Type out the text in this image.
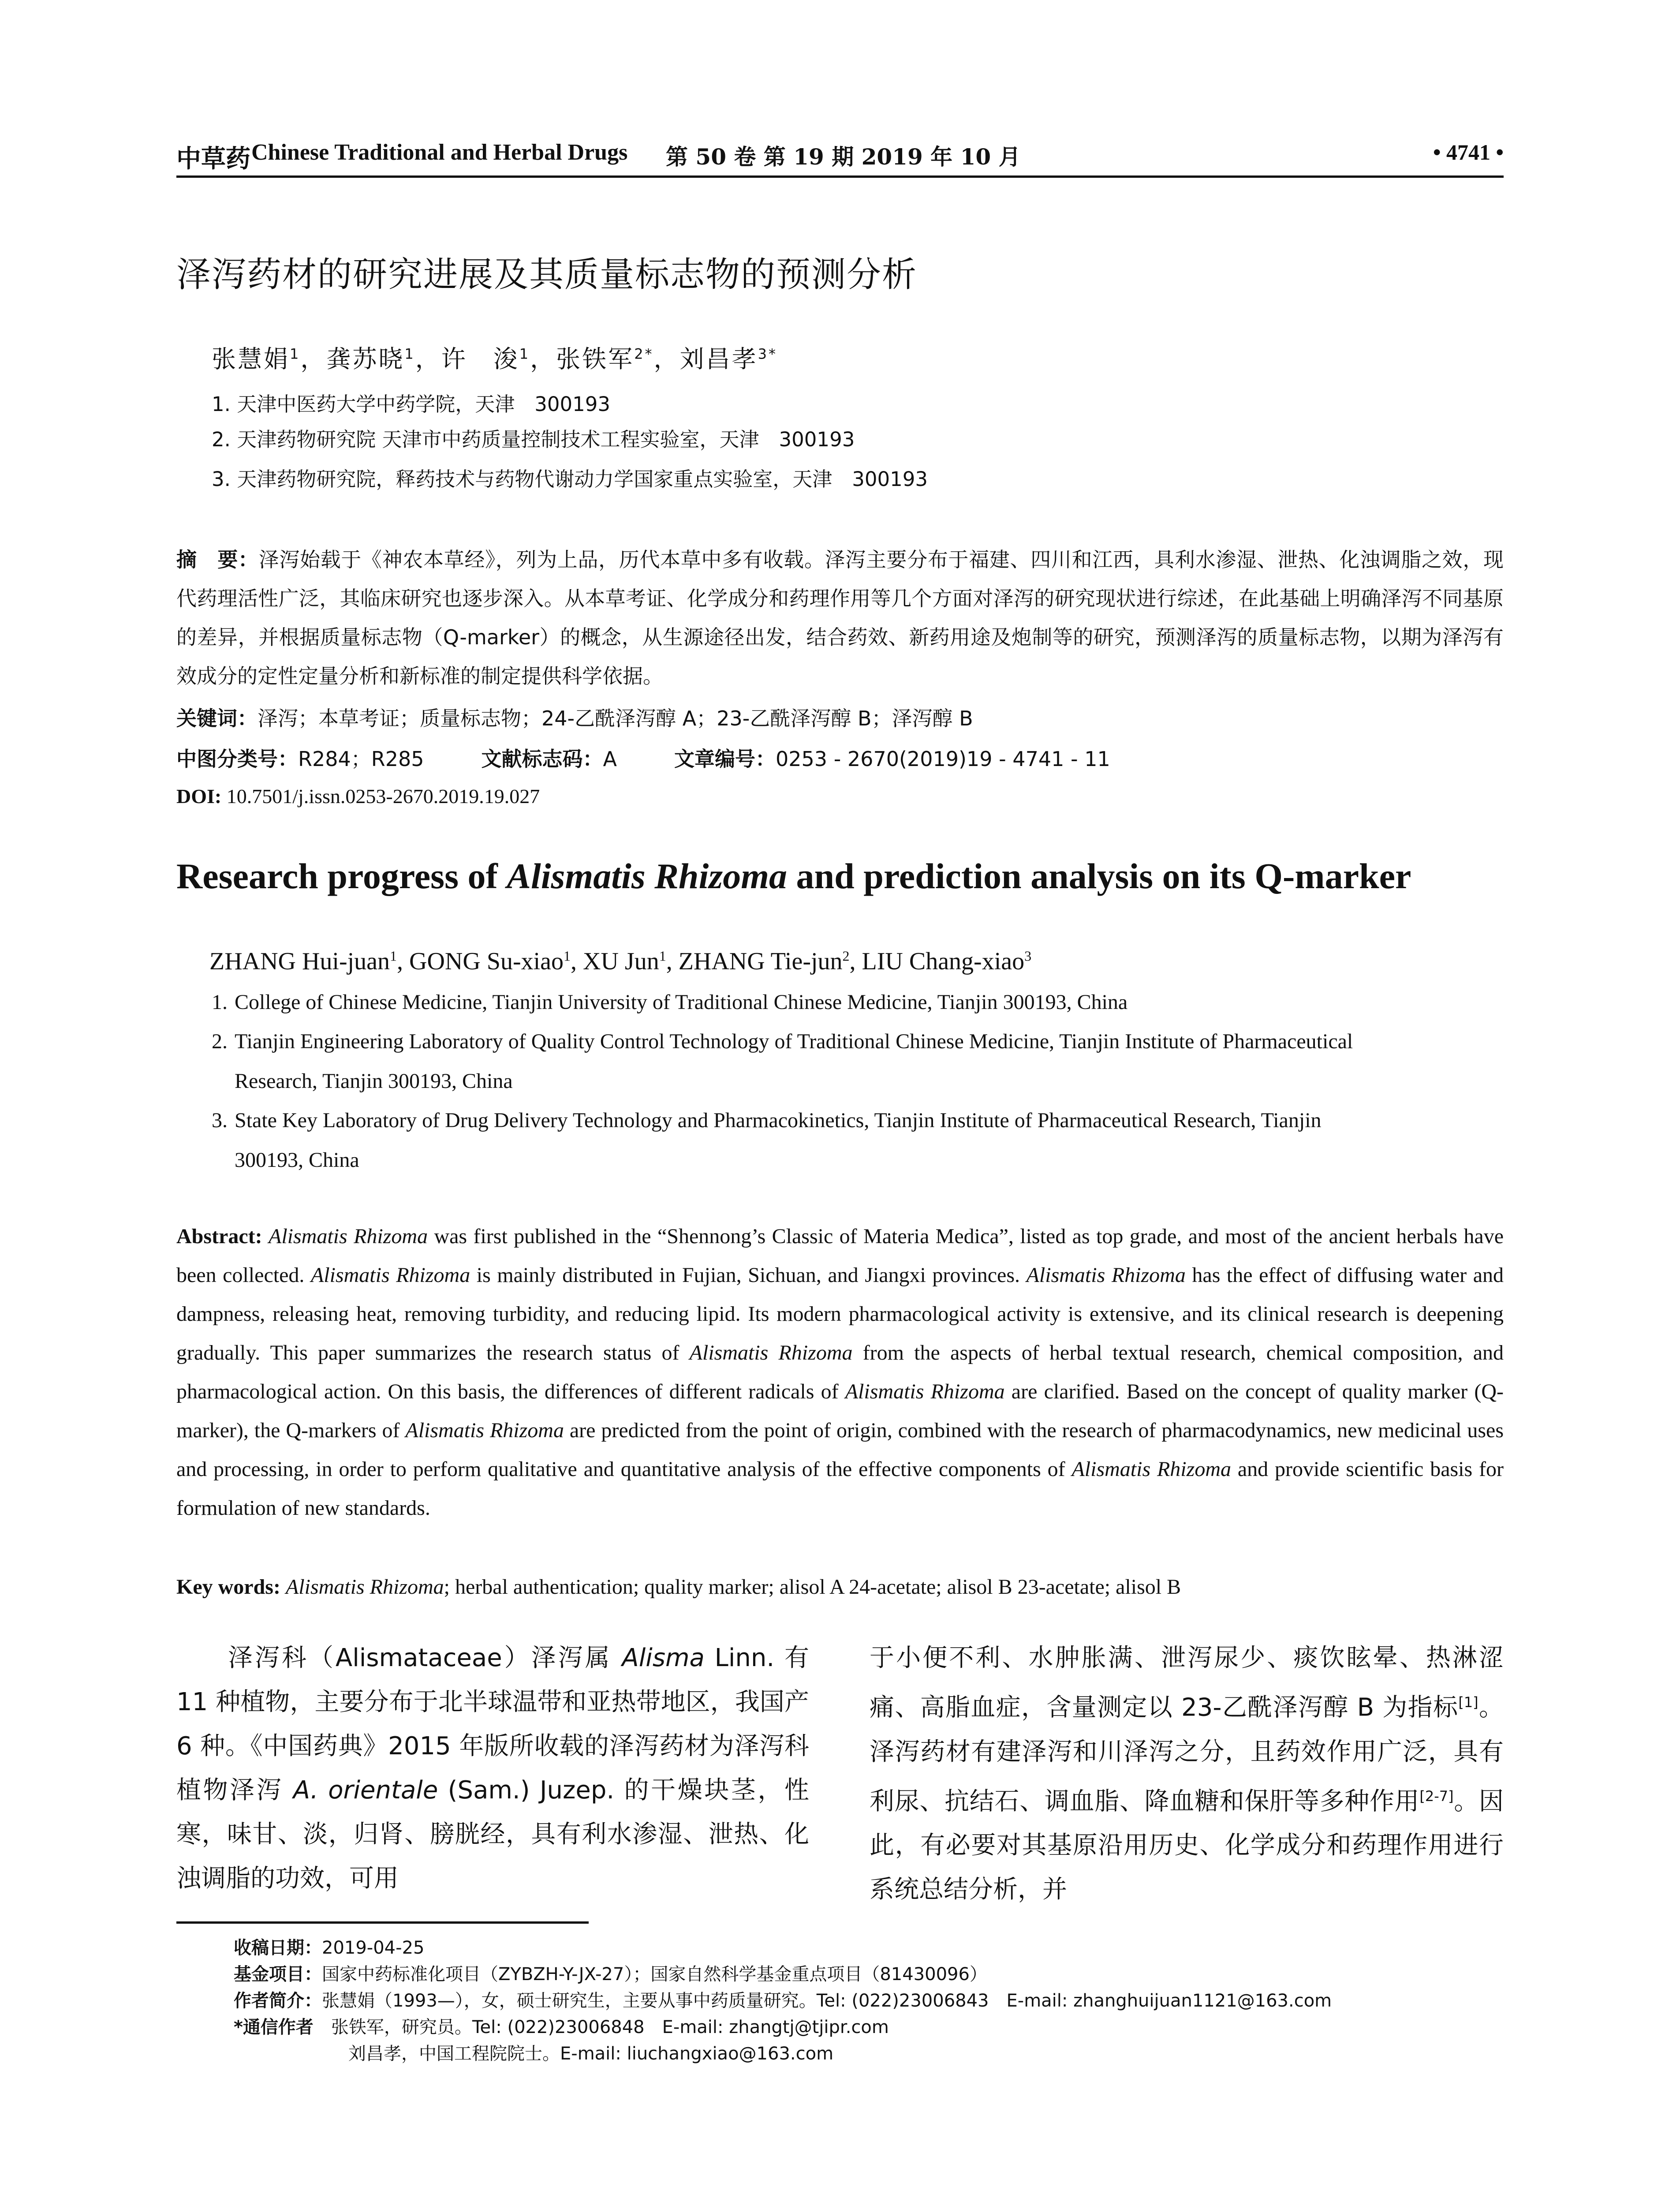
中草药 Chinese Traditional and Herbal Drugs 第 50 卷 第 19 期 2019 年 10 月	• 4741 •
泽泻药材的研究进展及其质量标志物的预测分析
张慧娟$^1$，龚苏晓$^1$，许　浚$^1$，张铁军$^{2*}$，刘昌孝$^{3*}$
1. 天津中医药大学中药学院，天津　300193
2. 天津药物研究院 天津市中药质量控制技术工程实验室，天津　300193
3. 天津药物研究院，释药技术与药物代谢动力学国家重点实验室，天津　300193
摘　要：泽泻始载于《神农本草经》，列为上品，历代本草中多有收载。泽泻主要分布于福建、四川和江西，具利水渗湿、泄热、化浊调脂之效，现代药理活性广泛，其临床研究也逐步深入。从本草考证、化学成分和药理作用等几个方面对泽泻的研究现状进行综述，在此基础上明确泽泻不同基原的差异，并根据质量标志物（Q-marker）的概念，从生源途径出发，结合药效、新药用途及炮制等的研究，预测泽泻的质量标志物，以期为泽泻有效成分的定性定量分析和新标准的制定提供科学依据。
关键词：泽泻；本草考证；质量标志物；24-乙酰泽泻醇 A；23-乙酰泽泻醇 B；泽泻醇 B
中图分类号：R284；R285	文献标志码：A	文章编号：0253 - 2670(2019)19 - 4741 - 11
DOI: 10.7501/j.issn.0253-2670.2019.19.027
Research progress of Alismatis Rhizoma and prediction analysis on its Q-marker
ZHANG Hui-juan$^1$, GONG Su-xiao$^1$, XU Jun$^1$, ZHANG Tie-jun$^2$, LIU Chang-xiao$^3$
1. College of Chinese Medicine, Tianjin University of Traditional Chinese Medicine, Tianjin 300193, China
2. Tianjin Engineering Laboratory of Quality Control Technology of Traditional Chinese Medicine, Tianjin Institute of Pharmaceutical
Research, Tianjin 300193, China
3. State Key Laboratory of Drug Delivery Technology and Pharmacokinetics, Tianjin Institute of Pharmaceutical Research, Tianjin
300193, China
Abstract: Alismatis Rhizoma was first published in the “Shennong’s Classic of Materia Medica”, listed as top grade, and most of the ancient herbals have been collected. Alismatis Rhizoma is mainly distributed in Fujian, Sichuan, and Jiangxi provinces. Alismatis Rhizoma has the effect of diffusing water and dampness, releasing heat, removing turbidity, and reducing lipid. Its modern pharmacological activity is extensive, and its clinical research is deepening gradually. This paper summarizes the research status of Alismatis Rhizoma from the aspects of herbal textual research, chemical composition, and pharmacological action. On this basis, the differences of different radicals of Alismatis Rhizoma are clarified. Based on the concept of quality marker (Q-marker), the Q-markers of Alismatis Rhizoma are predicted from the point of origin, combined with the research of pharmacodynamics, new medicinal uses and processing, in order to perform qualitative and quantitative analysis of the effective components of Alismatis Rhizoma and provide scientific basis for formulation of new standards.
Key words: Alismatis Rhizoma; herbal authentication; quality marker; alisol A 24-acetate; alisol B 23-acetate; alisol B
泽泻科（Alismataceae）泽泻属 Alisma Linn. 有 11 种植物，主要分布于北半球温带和亚热带地区，我国产 6 种。《中国药典》2015 年版所收载的泽泻药材为泽泻科植物泽泻 A. orientale (Sam.) Juzep. 的干燥块茎，性寒，味甘、淡，归肾、膀胱经，具有利水渗湿、泄热、化浊调脂的功效，可用
于小便不利、水肿胀满、泄泻尿少、痰饮眩晕、热淋涩痛、高脂血症，含量测定以 23-乙酰泽泻醇 B 为指标[1]。泽泻药材有建泽泻和川泽泻之分，且药效作用广泛，具有利尿、抗结石、调血脂、降血糖和保肝等多种作用[2-7]。因此，有必要对其基原沿用历史、化学成分和药理作用进行系统总结分析，并
收稿日期：2019-04-25
基金项目：国家中药标准化项目（ZYBZH-Y-JX-27）；国家自然科学基金重点项目（81430096）
作者简介：张慧娟（1993—），女，硕士研究生，主要从事中药质量研究。Tel: (022)23006843　E-mail: zhanghuijuan1121@163.com
*通信作者　 张铁军，研究员。Tel: (022)23006848　E-mail: zhangtj@tjipr.com
刘昌孝，中国工程院院士。E-mail: liuchangxiao@163.com
